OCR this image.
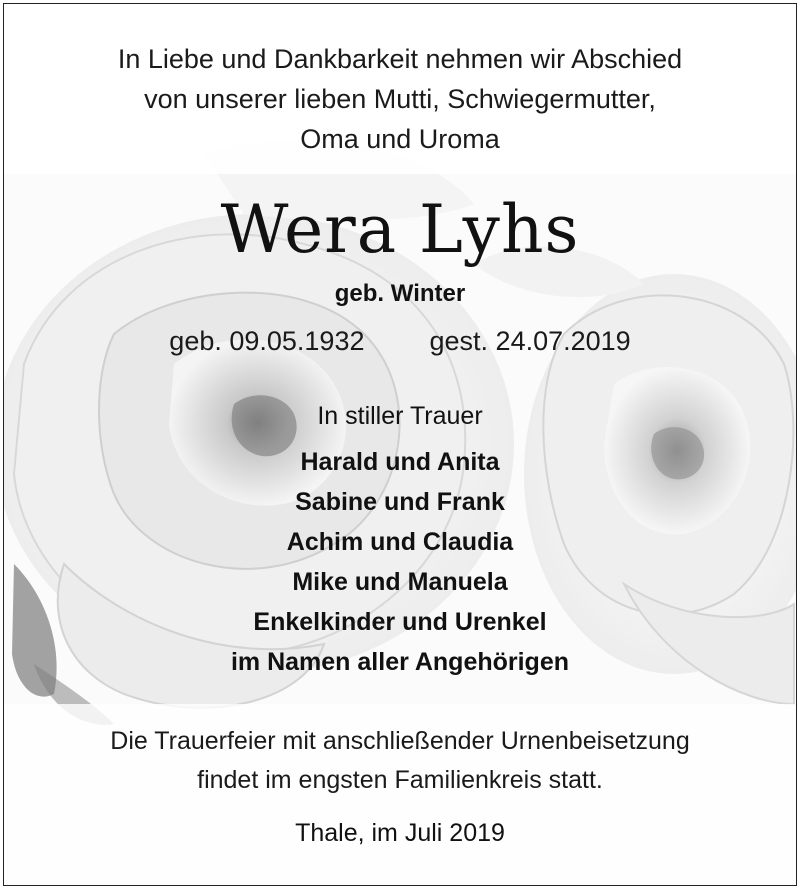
In Liebe und Dankbarkeit nehmen wir Abschied
von unserer lieben Mutti, Schwiegermutter,
Oma und Uroma
Wera Lyhs
geb. Winter
geb. 09.05.1932 gest. 24.07.2019
In stiller Trauer
Harald und Anita
Sabine und Frank
Achim und Claudia
Mike und Manuela
Enkelkinder und Urenkel
im Namen aller Angehörigen
Die Trauerfeier mit anschließender Urnenbeisetzung
findet im engsten Familienkreis statt.
Thale, im Juli 2019
